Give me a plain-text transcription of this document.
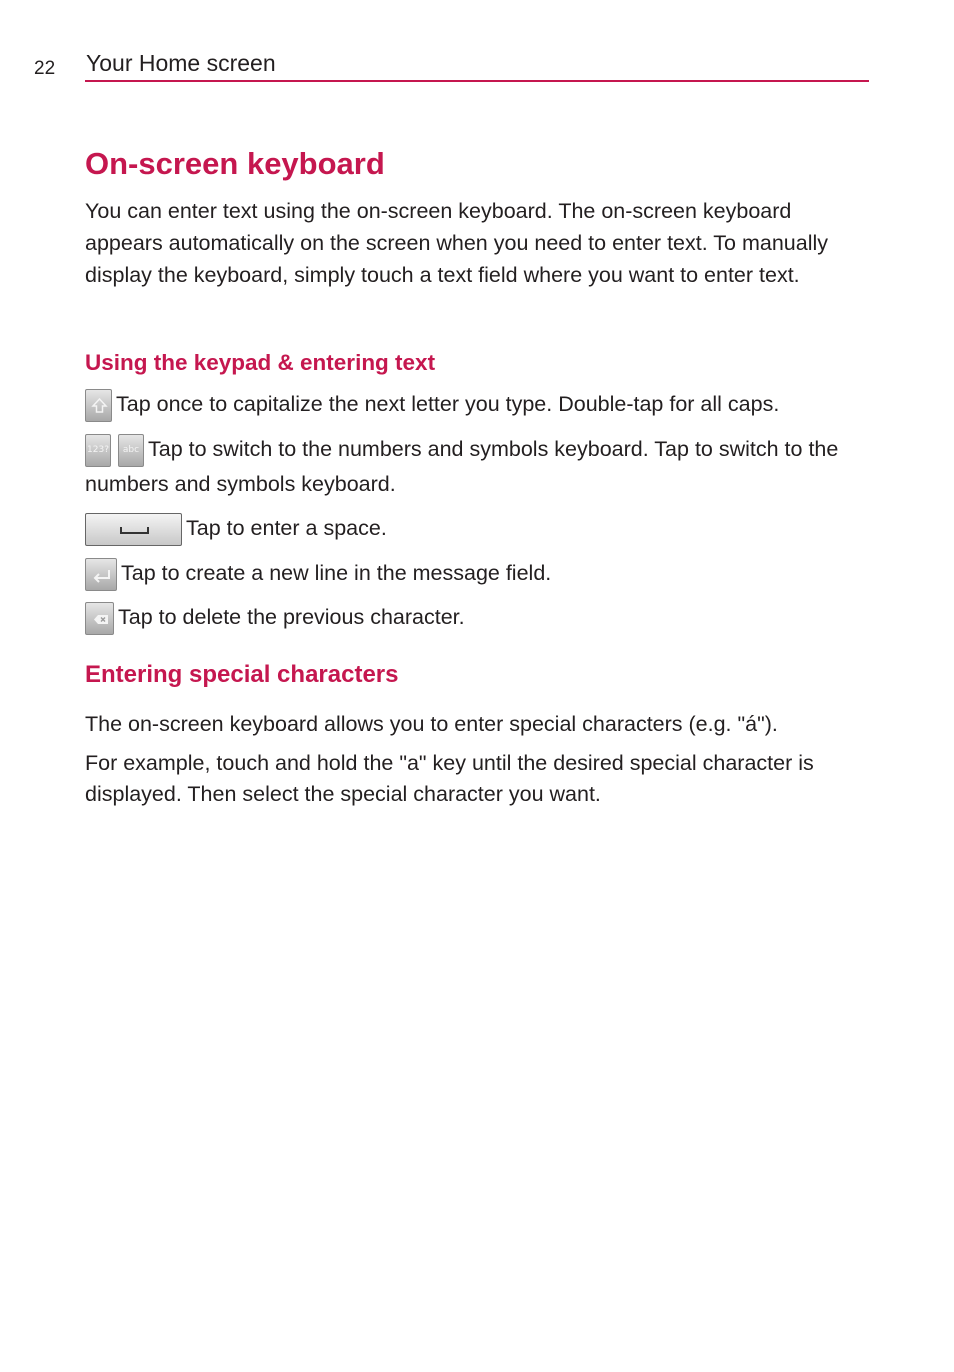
22 Your Home screen
On-screen keyboard

You can enter text using the on-screen keyboard. The on-screen keyboard appears automatically on the screen when you need to enter text. To manually display the keyboard, simply touch a text field where you want to enter text.

Using the keypad & entering text
Tap once to capitalize the next letter you type. Double-tap for all caps.
123?	abc Tap to switch to the numbers and symbols keyboard. Tap to switch to the numbers and symbols keyboard.
Tap to enter a space.
Tap to create a new line in the message field.
Tap to delete the previous character.
Entering special characters

The on-screen keyboard allows you to enter special characters (e.g. "á").

For example, touch and hold the "a" key until the desired special character is displayed. Then select the special character you want.
